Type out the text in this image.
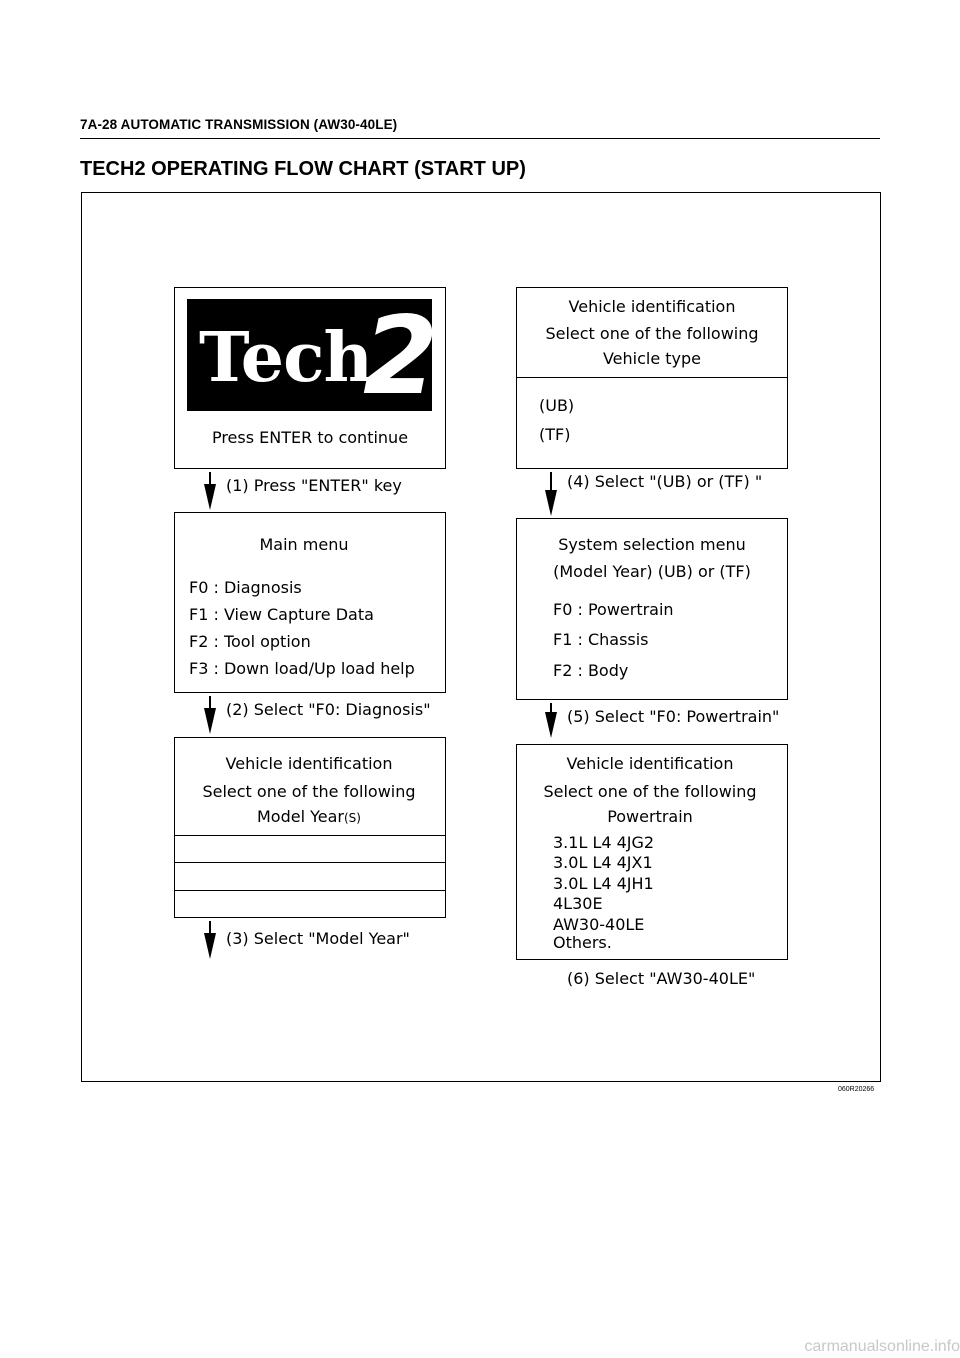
7A-28 AUTOMATIC TRANSMISSION (AW30-40LE)
TECH2 OPERATING FLOW CHART (START UP)
Tech
2
Press ENTER to continue
(1) Press "ENTER" key
Main menu
F0 : Diagnosis
F1 : View Capture Data
F2 : Tool option
F3 : Down load/Up load help
(2) Select "F0: Diagnosis"
Vehicle identification
Select one of the following
Model Year(S)
(3) Select "Model Year"
Vehicle identification
Select one of the following
Vehicle type
(UB)
(TF)
(4) Select "(UB) or (TF) "
System selection menu
(Model Year) (UB) or (TF)
F0 : Powertrain
F1 : Chassis
F2 : Body
(5) Select "F0: Powertrain"
Vehicle identification
Select one of the following
Powertrain
3.1L L4 4JG2
3.0L L4 4JX1
3.0L L4 4JH1
4L30E
AW30-40LE
Others.
(6) Select "AW30-40LE"
060R20266
carmanualsonline.info
